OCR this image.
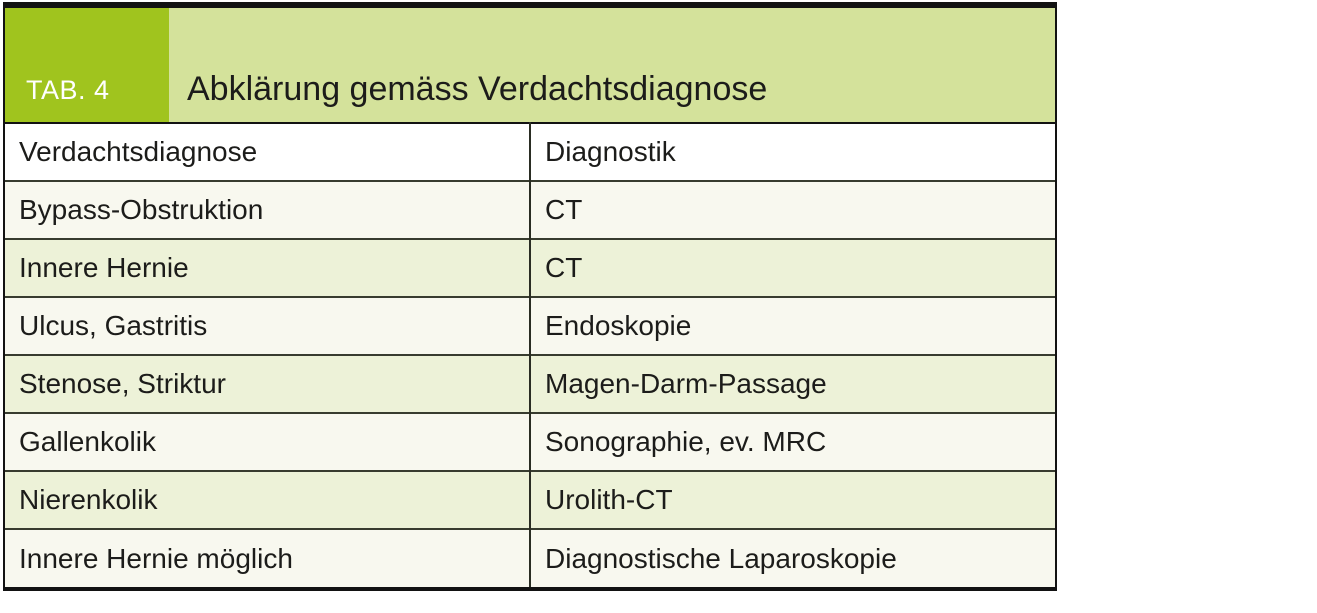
TAB. 4 Abklärung gemäss Verdachtsdiagnose
Verdachtsdiagnose	Diagnostik
Bypass-Obstruktion	CT
Innere Hernie	CT
Ulcus, Gastritis	Endoskopie
Stenose, Striktur	Magen-Darm-Passage
Gallenkolik	Sonographie, ev. MRC
Nierenkolik	Urolith-CT
Innere Hernie möglich	Diagnostische Laparoskopie
